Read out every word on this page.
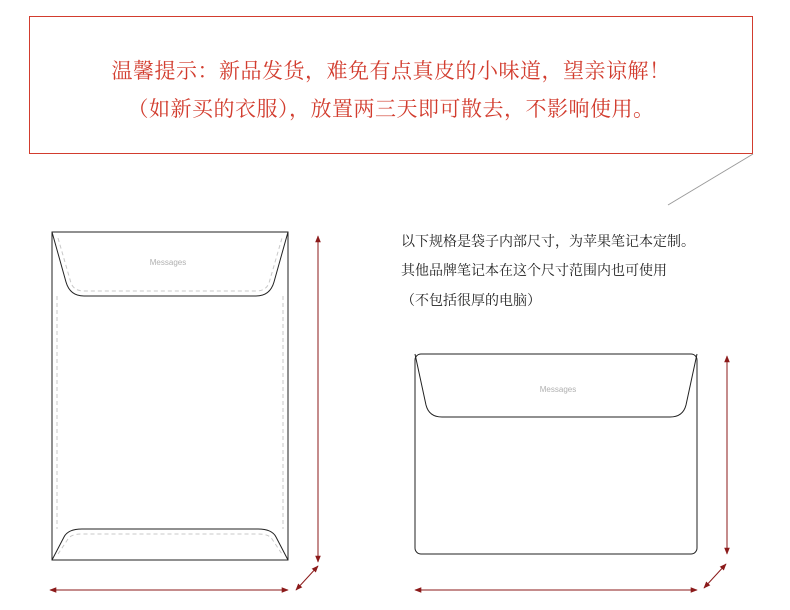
温馨提示：新品发货，难免有点真皮的小味道，望亲谅解！
（如新买的衣服），放置两三天即可散去，不影响使用。
以下规格是袋子内部尺寸，为苹果笔记本定制。
其他品牌笔记本在这个尺寸范围内也可使用
（不包括很厚的电脑）
Messages
Messages
